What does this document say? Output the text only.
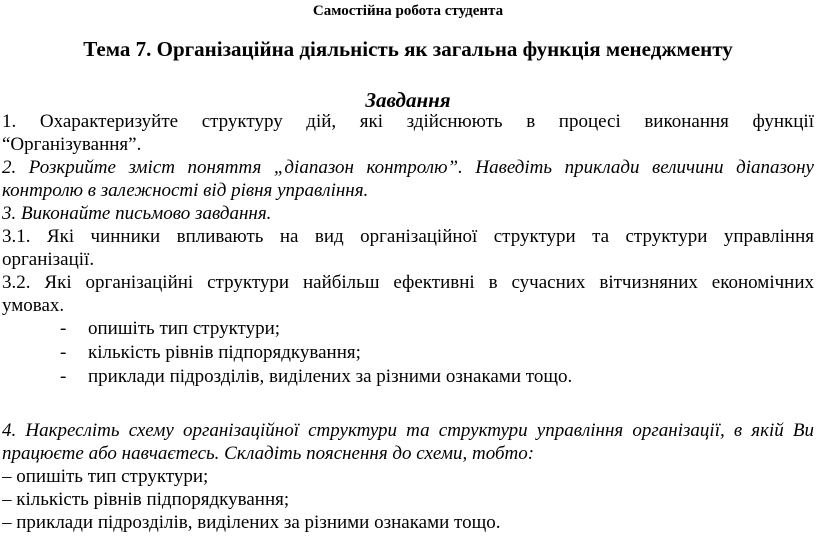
Самостійна робота студента
Тема 7. Організаційна діяльність як загальна функція менеджменту
Завдання
1. Охарактеризуйте структуру дій, які здійснюють в процесі виконання функції
“Організування”.
2. Розкрийте зміст поняття „діапазон контролю”. Наведіть приклади величини діапазону
контролю в залежності від рівня управління.
3. Виконайте письмово завдання.
3.1. Які чинники впливають на вид організаційної структури та структури управління
організації.
3.2. Які організаційні структури найбільш ефективні в сучасних вітчизняних економічних
умовах.
- опишіть тип структури;
- кількість рівнів підпорядкування;
- приклади підрозділів, виділених за різними ознаками тощо.
4. Накресліть схему організаційної структури та структури управління організації, в якій Ви
працюєте або навчаєтесь. Складіть пояснення до схеми, тобто:
– опишіть тип структури;
– кількість рівнів підпорядкування;
– приклади підрозділів, виділених за різними ознаками тощо.
